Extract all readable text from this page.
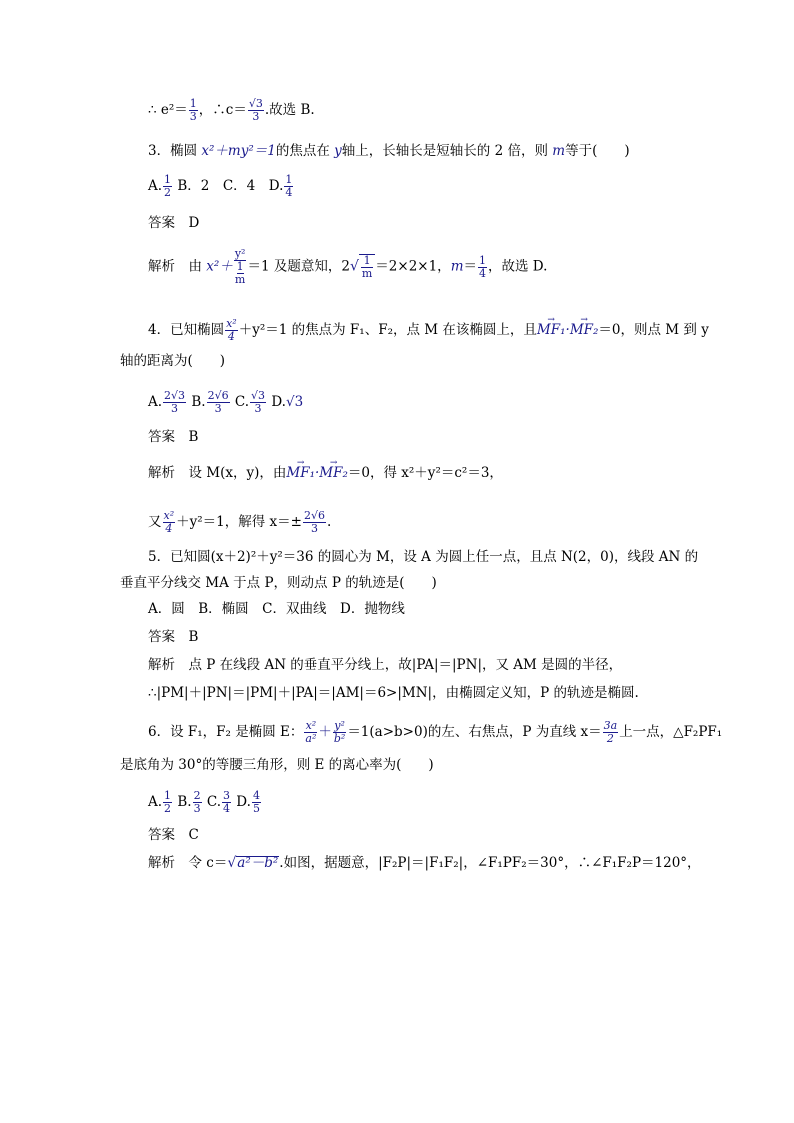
∴ $e^2= \frac{1}{3}$ ，∴c＝ $\frac{√3}{3}$ .故选 B.
3．椭圆 x²＋my²＝1的焦点在 y轴上，长轴长是短轴长的 2 倍，则 m等于(　　)
A. $\frac{1}{2}$ B．2　C．4　D. $\frac{1}{4}$
答案　D
解析　由 x²＋
y²
1
m
＝1 及题意知，$2√ \frac{1}{m} =2\times 2\times 1$，$m= \frac{1}{4}$ ，故选 D.
4．已知椭圆 $\frac{\text{x²}}{4} +y^2=1$ 的焦点为 F₁、F₂，点 M 在该椭圆上，且→ MF₁·→ MF₂＝0，则点 M 到 y
轴的距离为(　　)
A. $\frac{2√3}{3} B$. $\frac{2√6}{3} C$. $\frac{√3}{3} D.√3$
答案　B
解析　设 M(x，y)，由→ MF₁·→ MF₂＝0，得 x²＋y²＝c²＝3，
又 $\frac{\text{x²}}{4} +y^2=1$，解得 $x=\pm \frac{2√6}{3}$ .
5．已知圆(x＋2)²＋y²＝36 的圆心为 M，设 A 为圆上任一点，且点 N(2，0)，线段 AN 的
垂直平分线交 MA 于点 P，则动点 P 的轨迹是(　　)
A．圆　B．椭圆　C．双曲线　D．抛物线
答案　B
解析　点 P 在线段 AN 的垂直平分线上，故|PA|＝|PN|，又 AM 是圆的半径，
∴|PM|＋|PN|＝|PM|＋|PA|＝|AM|＝6>|MN|，由椭圆定义知，P 的轨迹是椭圆.
6．设 F₁，F₂ 是椭圆 E： $\frac{\text{x²}}{\text{a²}} + \frac{\text{y²}}{\text{b²}} =1(a>b>0)$的左、右焦点，P 为直线 $x= \frac{3a}{2}$ 上一点，△F₂PF₁
是底角为 30°的等腰三角形，则 E 的离心率为(　　)
A. $\frac{1}{2} B$. $\frac{2}{3} C$. $\frac{3}{4} D$. $\frac{4}{5}$
答案　C
解析　令 c＝√a²－b².如图，据题意，|F₂P|＝|F₁F₂|，∠F₁PF₂＝30°，∴∠F₁F₂P＝120°，
